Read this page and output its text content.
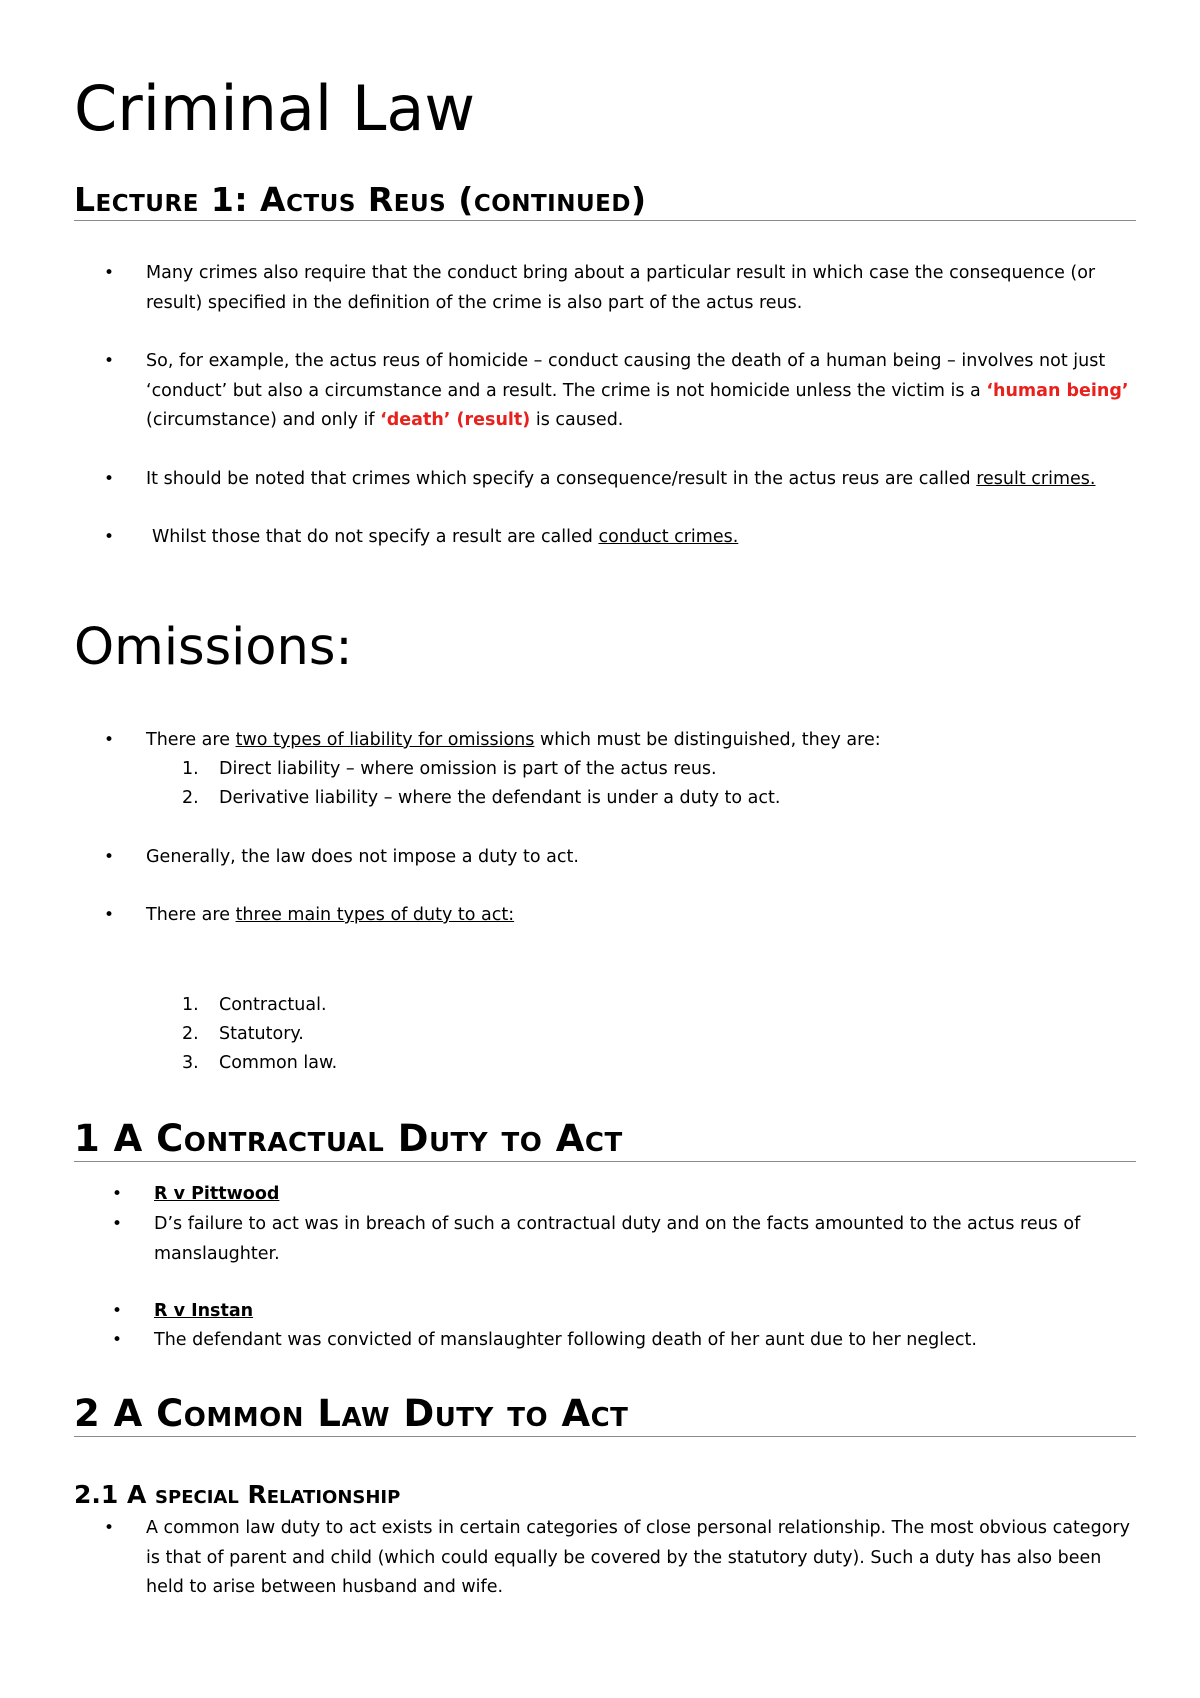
Criminal Law
Lecture 1: Actus Reus (continued)
• Many crimes also require that the conduct bring about a particular result in which case the consequence (or result) specified in the definition of the crime is also part of the actus reus.
• So, for example, the actus reus of homicide – conduct causing the death of a human being – involves not just ‘conduct’ but also a circumstance and a result. The crime is not homicide unless the victim is a ‘human being’ (circumstance) and only if ‘death’ (result) is caused.
• It should be noted that crimes which specify a consequence/result in the actus reus are called result crimes.
• Whilst those that do not specify a result are called conduct crimes.
Omissions:
• There are two types of liability for omissions which must be distinguished, they are:
1. Direct liability – where omission is part of the actus reus.
2. Derivative liability – where the defendant is under a duty to act.
• Generally, the law does not impose a duty to act.
• There are three main types of duty to act:
1. Contractual.
2. Statutory.
3. Common law.
1 A Contractual Duty to Act
• R v Pittwood
• D’s failure to act was in breach of such a contractual duty and on the facts amounted to the actus reus of manslaughter.
• R v Instan
• The defendant was convicted of manslaughter following death of her aunt due to her neglect.
2 A Common Law Duty to Act
2.1 A special Relationship
• A common law duty to act exists in certain categories of close personal relationship. The most obvious category is that of parent and child (which could equally be covered by the statutory duty). Such a duty has also been held to arise between husband and wife.
